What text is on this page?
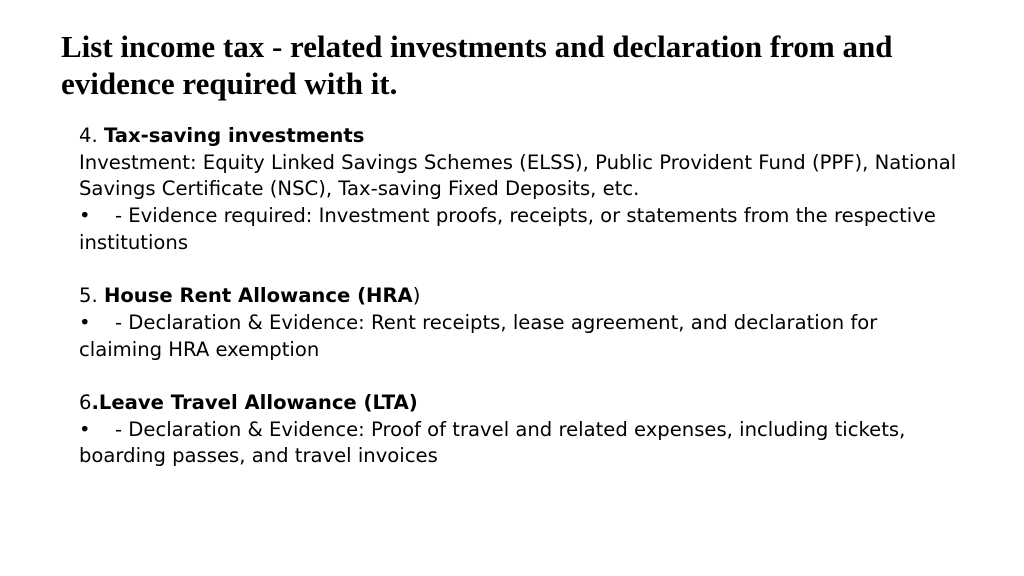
List income tax - related investments and declaration from and evidence required with it.
4. Tax-saving investments
Investment: Equity Linked Savings Schemes (ELSS), Public Provident Fund (PPF), National Savings Certificate (NSC), Tax-saving Fixed Deposits, etc.
• - Evidence required: Investment proofs, receipts, or statements from the respective institutions
5. House Rent Allowance (HRA)
• - Declaration & Evidence: Rent receipts, lease agreement, and declaration for claiming HRA exemption
6.Leave Travel Allowance (LTA)
• - Declaration & Evidence: Proof of travel and related expenses, including tickets, boarding passes, and travel invoices
